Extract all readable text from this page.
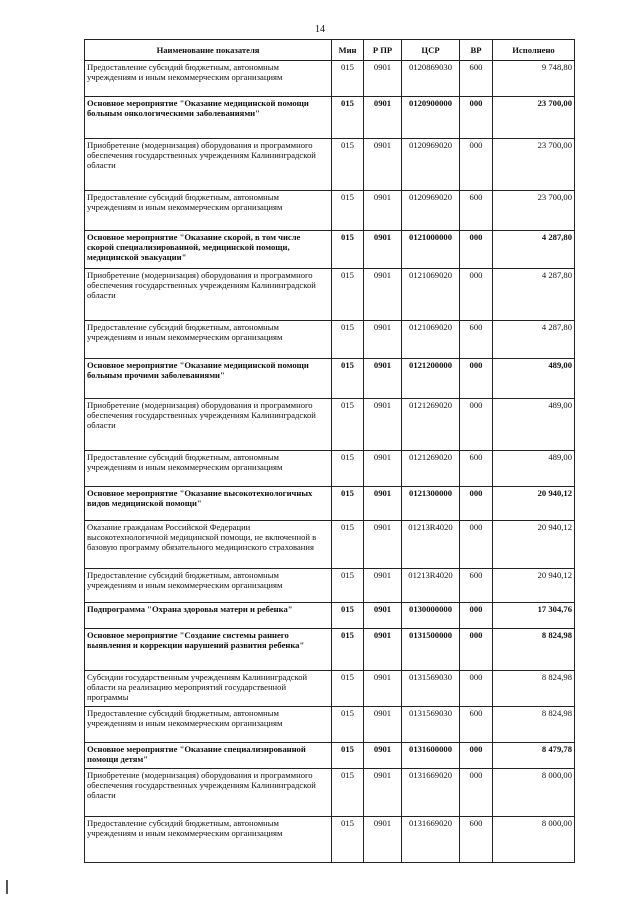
14
Наименование показателя	Мин	Р ПР	ЦСР	ВР	Исполнено
Предоставление субсидий бюджетным, автономным учреждениям и иным некоммерческим организациям	015	0901	0120869030	600	9 748,80
Основное мероприятие "Оказание медицинской помощи больным онкологическими заболеваниями"	015	0901	0120900000	000	23 700,00
Приобретение (модернизация) оборудования и программного обеспечения государственных учреждениям Калининградской области	015	0901	0120969020	000	23 700,00
Предоставление субсидий бюджетным, автономным учреждениям и иным некоммерческим организациям	015	0901	0120969020	600	23 700,00
Основное мероприятие "Оказание скорой, в том числе скорой специализированной, медицинской помощи, медицинской эвакуации"	015	0901	0121000000	000	4 287,80
Приобретение (модернизация) оборудования и программного обеспечения государственных учреждениям Калининградской области	015	0901	0121069020	000	4 287,80
Предоставление субсидий бюджетным, автономным учреждениям и иным некоммерческим организациям	015	0901	0121069020	600	4 287,80
Основное мероприятие "Оказание медицинской помощи больным прочими заболеваниями"	015	0901	0121200000	000	489,00
Приобретение (модернизация) оборудования и программного обеспечения государственных учреждениям Калининградской области	015	0901	0121269020	000	489,00
Предоставление субсидий бюджетным, автономным учреждениям и иным некоммерческим организациям	015	0901	0121269020	600	489,00
Основное мероприятие "Оказание высокотехнологичных видов медицинской помощи"	015	0901	0121300000	000	20 940,12
Оказание гражданам Российской Федерации высокотехнологичной медицинской помощи, не включенной в базовую программу обязательного медицинского страхования	015	0901	01213R4020	000	20 940,12
Предоставление субсидий бюджетным, автономным учреждениям и иным некоммерческим организациям	015	0901	01213R4020	600	20 940,12
Подпрограмма "Охрана здоровья матери и ребенка"	015	0901	0130000000	000	17 304,76
Основное мероприятие "Создание системы раннего выявления и коррекции нарушений развития ребенка"	015	0901	0131500000	000	8 824,98
Субсидии государственным учреждениям Калининградской области на реализацию мероприятий государственной программы	015	0901	0131569030	000	8 824,98
Предоставление субсидий бюджетным, автономным учреждениям и иным некоммерческим организациям	015	0901	0131569030	600	8 824,98
Основное мероприятие "Оказание специализированной помощи детям"	015	0901	0131600000	000	8 479,78
Приобретение (модернизация) оборудования и программного обеспечения государственных учреждениям Калининградской области	015	0901	0131669020	000	8 000,00
Предоставление субсидий бюджетным, автономным учреждениям и иным некоммерческим организациям	015	0901	0131669020	600	8 000,00
